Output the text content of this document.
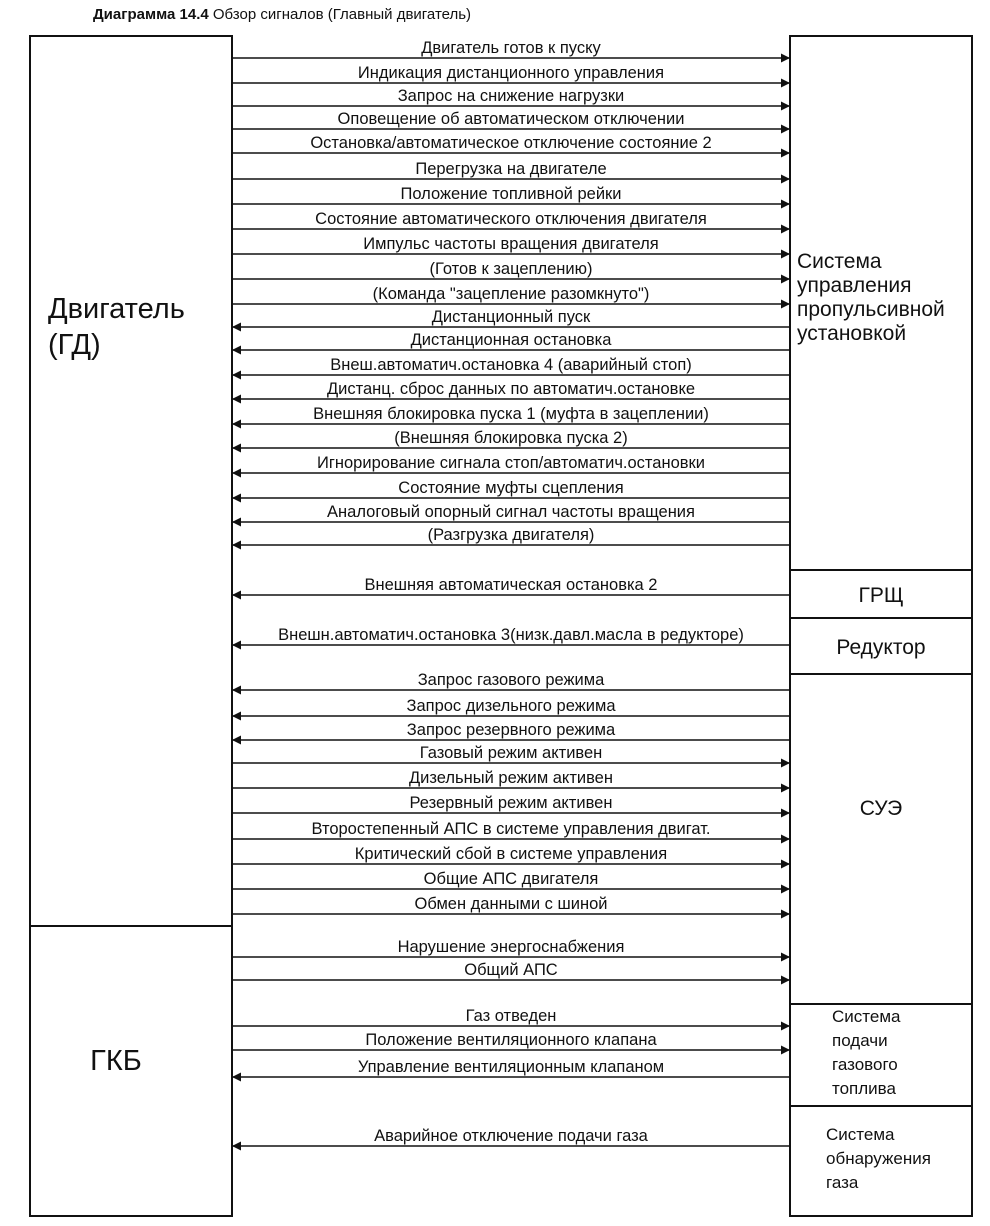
Диаграмма 14.4 Обзор сигналов (Главный двигатель)
Двигатель (ГД)
ГКБ
Система управления пропульсивной установкой
ГРЩ
Редуктор
СУЭ
Система подачи газового топлива
Система обнаружения газа
Двигатель готов к пуску
Индикация дистанционного управления
Запрос на снижение нагрузки
Оповещение об автоматическом отключении
Остановка/автоматическое отключение состояние 2
Перегрузка на двигателе
Положение топливной рейки
Состояние автоматического отключения двигателя
Импульс частоты вращения двигателя
(Готов к зацеплению)
(Команда "зацепление разомкнуто")
Дистанционный пуск
Дистанционная остановка
Внеш.автоматич.остановка 4 (аварийный стоп)
Дистанц. сброс данных по автоматич.остановке
Внешняя блокировка пуска 1 (муфта в зацеплении)
(Внешняя блокировка пуска 2)
Игнорирование сигнала стоп/автоматич.остановки
Состояние муфты сцепления
Аналоговый опорный сигнал частоты вращения
(Разгрузка двигателя)
Внешняя автоматическая остановка 2
Внешн.автоматич.остановка 3(низк.давл.масла в редукторе)
Запрос газового режима
Запрос дизельного режима
Запрос резервного режима
Газовый режим активен
Дизельный режим активен
Резервный режим активен
Второстепенный АПС в системе управления двигат.
Критический сбой в системе управления
Общие АПС двигателя
Обмен данными с шиной
Нарушение энергоснабжения
Общий АПС
Газ отведен
Положение вентиляционного клапана
Управление вентиляционным клапаном
Аварийное отключение подачи газа
